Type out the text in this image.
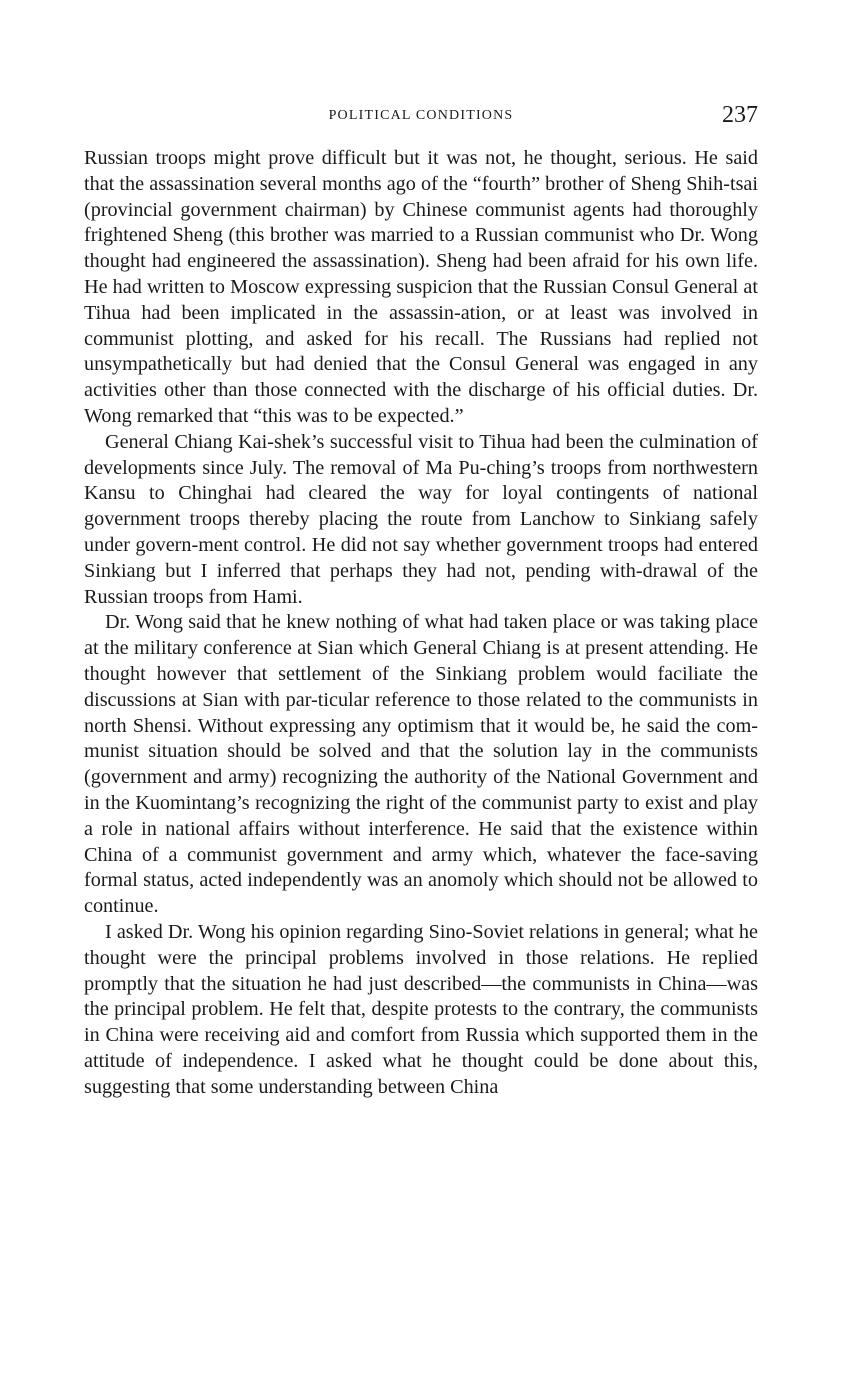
POLITICAL CONDITIONS	237

Russian troops might prove difficult but it was not, he thought, serious. He said that the assassination several months ago of the “fourth” brother of Sheng Shih-tsai (provincial government chairman) by Chinese communist agents had thoroughly frightened Sheng (this brother was married to a Russian communist who Dr. Wong thought had engineered the assassination). Sheng had been afraid for his own life. He had written to Moscow expressing suspicion that the Russian Consul General at Tihua had been implicated in the assassin-ation, or at least was involved in communist plotting, and asked for his recall. The Russians had replied not unsympathetically but had denied that the Consul General was engaged in any activities other than those connected with the discharge of his official duties. Dr. Wong remarked that “this was to be expected.”

General Chiang Kai-shek’s successful visit to Tihua had been the culmination of developments since July. The removal of Ma Pu-ching’s troops from northwestern Kansu to Chinghai had cleared the way for loyal contingents of national government troops thereby placing the route from Lanchow to Sinkiang safely under govern-ment control. He did not say whether government troops had entered Sinkiang but I inferred that perhaps they had not, pending with-drawal of the Russian troops from Hami.

Dr. Wong said that he knew nothing of what had taken place or was taking place at the military conference at Sian which General Chiang is at present attending. He thought however that settlement of the Sinkiang problem would faciliate the discussions at Sian with par-ticular reference to those related to the communists in north Shensi. Without expressing any optimism that it would be, he said the com-munist situation should be solved and that the solution lay in the communists (government and army) recognizing the authority of the National Government and in the Kuomintang’s recognizing the right of the communist party to exist and play a role in national affairs without interference. He said that the existence within China of a communist government and army which, whatever the face-saving formal status, acted independently was an anomoly which should not be allowed to continue.

I asked Dr. Wong his opinion regarding Sino-Soviet relations in general; what he thought were the principal problems involved in those relations. He replied promptly that the situation he had just described—the communists in China—was the principal problem. He felt that, despite protests to the contrary, the communists in China were receiving aid and comfort from Russia which supported them in the attitude of independence. I asked what he thought could be done about this, suggesting that some understanding between China
